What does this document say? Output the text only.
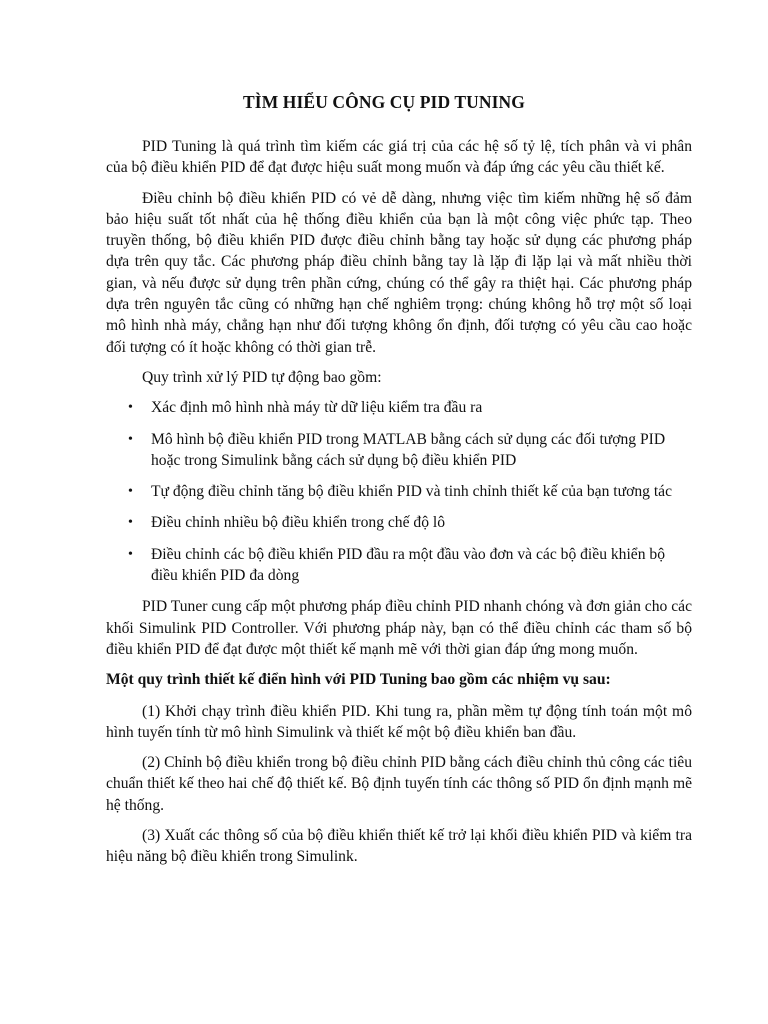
TÌM HIỂU CÔNG CỤ PID TUNING

PID Tuning là quá trình tìm kiếm các giá trị của các hệ số tỷ lệ, tích phân và vi phân của bộ điều khiển PID để đạt được hiệu suất mong muốn và đáp ứng các yêu cầu thiết kế.

Điều chỉnh bộ điều khiển PID có vẻ dễ dàng, nhưng việc tìm kiếm những hệ số đảm bảo hiệu suất tốt nhất của hệ thống điều khiển của bạn là một công việc phức tạp. Theo truyền thống, bộ điều khiển PID được điều chỉnh bằng tay hoặc sử dụng các phương pháp dựa trên quy tắc. Các phương pháp điều chỉnh bằng tay là lặp đi lặp lại và mất nhiều thời gian, và nếu được sử dụng trên phần cứng, chúng có thể gây ra thiệt hại. Các phương pháp dựa trên nguyên tắc cũng có những hạn chế nghiêm trọng: chúng không hỗ trợ một số loại mô hình nhà máy, chẳng hạn như đối tượng không ổn định, đối tượng có yêu cầu cao hoặc đối tượng có ít hoặc không có thời gian trễ.

Quy trình xử lý PID tự động bao gồm:

• Xác định mô hình nhà máy từ dữ liệu kiểm tra đầu ra
• Mô hình bộ điều khiển PID trong MATLAB bằng cách sử dụng các đối tượng PID hoặc trong Simulink bằng cách sử dụng bộ điều khiển PID
• Tự động điều chỉnh tăng bộ điều khiển PID và tinh chỉnh thiết kế của bạn tương tác
• Điều chỉnh nhiều bộ điều khiển trong chế độ lô
• Điều chỉnh các bộ điều khiển PID đầu ra một đầu vào đơn và các bộ điều khiển bộ điều khiển PID đa dòng

PID Tuner cung cấp một phương pháp điều chỉnh PID nhanh chóng và đơn giản cho các khối Simulink PID Controller. Với phương pháp này, bạn có thể điều chỉnh các tham số bộ điều khiển PID để đạt được một thiết kế mạnh mẽ với thời gian đáp ứng mong muốn.

Một quy trình thiết kế điển hình với PID Tuning bao gồm các nhiệm vụ sau:

(1) Khởi chạy trình điều khiển PID. Khi tung ra, phần mềm tự động tính toán một mô hình tuyến tính từ mô hình Simulink và thiết kế một bộ điều khiển ban đầu.

(2) Chỉnh bộ điều khiển trong bộ điều chỉnh PID bằng cách điều chỉnh thủ công các tiêu chuẩn thiết kế theo hai chế độ thiết kế. Bộ định tuyến tính các thông số PID ổn định mạnh mẽ hệ thống.

(3) Xuất các thông số của bộ điều khiển thiết kế trở lại khối điều khiển PID và kiểm tra hiệu năng bộ điều khiển trong Simulink.
